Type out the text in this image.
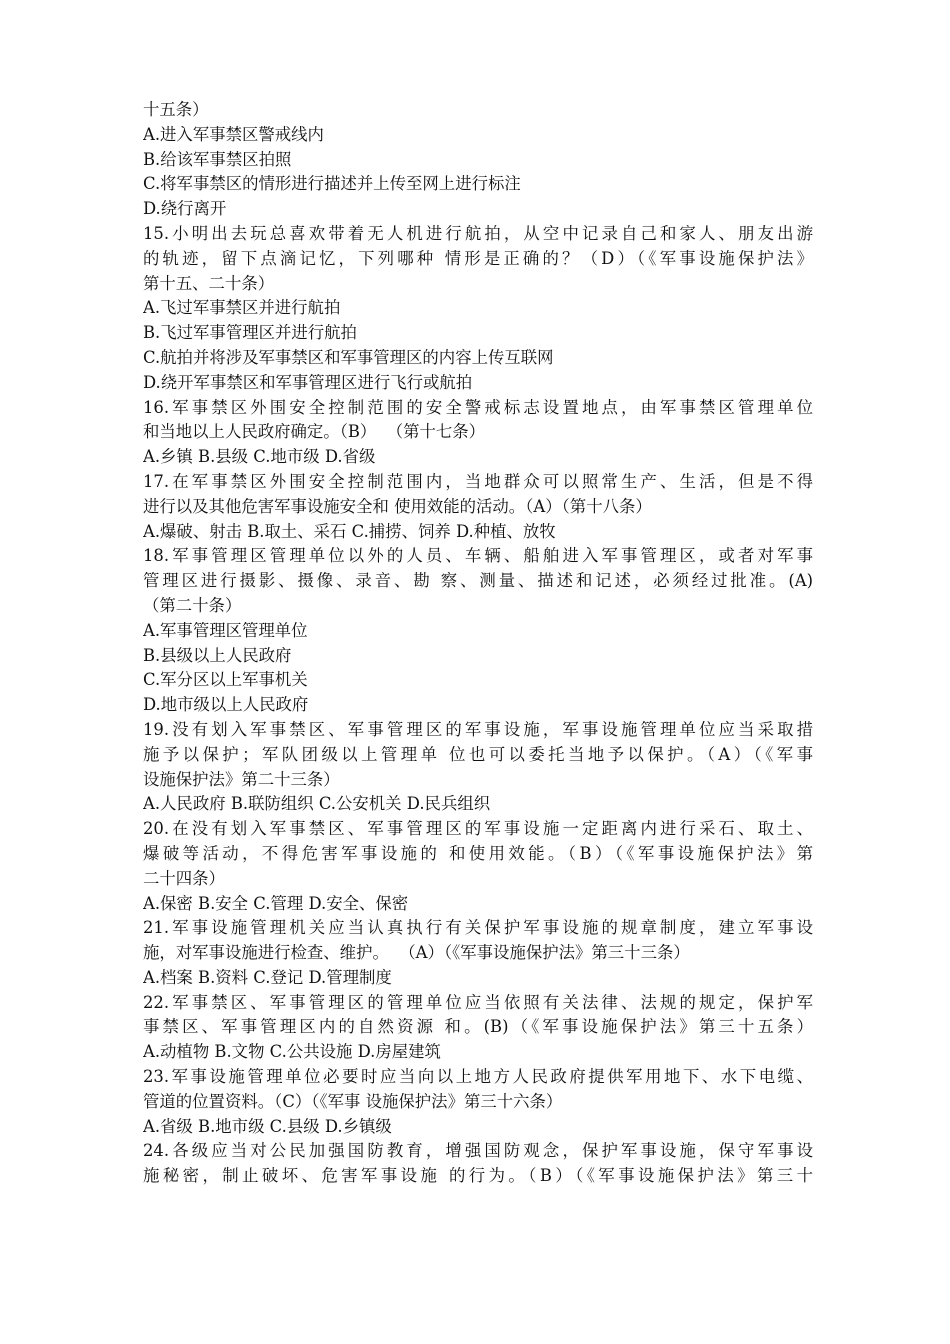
十五条）
A.进入军事禁区警戒线内
B.给该军事禁区拍照
C.将军事禁区的情形进行描述并上传至网上进行标注
D.绕行离开
15.小明出去玩总喜欢带着无人机进行航拍，从空中记录自己和家人、朋友出游
的轨迹，留下点滴记忆，下列哪种 情形是正确的？（D）（《军事设施保护法》
第十五、二十条）
A.飞过军事禁区并进行航拍
B.飞过军事管理区并进行航拍
C.航拍并将涉及军事禁区和军事管理区的内容上传互联网
D.绕开军事禁区和军事管理区进行飞行或航拍
16.军事禁区外围安全控制范围的安全警戒标志设置地点，由军事禁区管理单位
和当地以上人民政府确定。（B）  （第十七条）
A.乡镇 B.县级 C.地市级 D.省级
17.在军事禁区外围安全控制范围内，当地群众可以照常生产、生活，但是不得
进行以及其他危害军事设施安全和 使用效能的活动。（A）（第十八条）
A.爆破、射击 B.取土、采石 C.捕捞、饲养 D.种植、放牧
18.军事管理区管理单位以外的人员、车辆、船舶进入军事管理区，或者对军事
管理区进行摄影、摄像、录音、勘 察、测量、描述和记述，必须经过批准。(A)
（第二十条）
A.军事管理区管理单位
B.县级以上人民政府
C.军分区以上军事机关
D.地市级以上人民政府
19.没有划入军事禁区、军事管理区的军事设施，军事设施管理单位应当采取措
施予以保护；军队团级以上管理单 位也可以委托当地予以保护。（A）（《军事
设施保护法》第二十三条）
A.人民政府 B.联防组织 C.公安机关 D.民兵组织
20.在没有划入军事禁区、军事管理区的军事设施一定距离内进行采石、取土、
爆破等活动，不得危害军事设施的 和使用效能。（B）（《军事设施保护法》第
二十四条）
A.保密 B.安全 C.管理 D.安全、保密
21.军事设施管理机关应当认真执行有关保护军事设施的规章制度，建立军事设
施，对军事设施进行检查、维护。  （A）（《军事设施保护法》第三十三条）
A.档案 B.资料 C.登记 D.管理制度
22.军事禁区、军事管理区的管理单位应当依照有关法律、法规的规定，保护军
事禁区、军事管理区内的自然资源 和。(B)（《军事设施保护法》第三十五条）
A.动植物 B.文物 C.公共设施 D.房屋建筑
23.军事设施管理单位必要时应当向以上地方人民政府提供军用地下、水下电缆、
管道的位置资料。（C）（《军事 设施保护法》第三十六条）
A.省级 B.地市级 C.县级 D.乡镇级
24.各级应当对公民加强国防教育，增强国防观念，保护军事设施，保守军事设
施秘密，制止破坏、危害军事设施 的行为。（B）（《军事设施保护法》第三十
